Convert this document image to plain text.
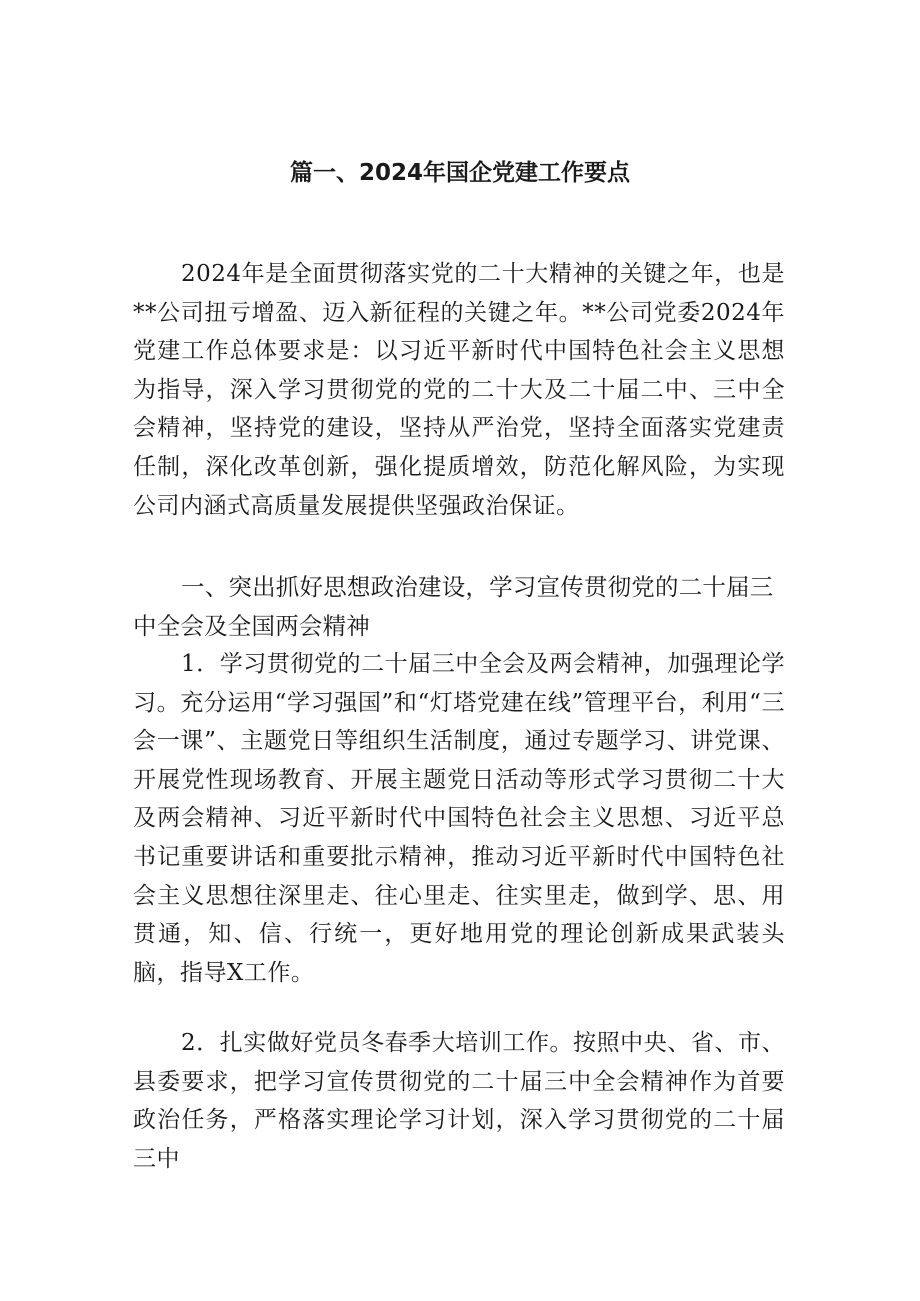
篇一、2024年国企党建工作要点

2024年是全面贯彻落实党的二十大精神的关键之年，也是**公司扭亏增盈、迈入新征程的关键之年。**公司党委2024年党建工作总体要求是：以习近平新时代中国特色社会主义思想为指导，深入学习贯彻党的党的二十大及二十届二中、三中全会精神，坚持党的建设，坚持从严治党，坚持全面落实党建责任制，深化改革创新，强化提质增效，防范化解风险，为实现公司内涵式高质量发展提供坚强政治保证。

一、突出抓好思想政治建设，学习宣传贯彻党的二十届三中全会及全国两会精神

1．学习贯彻党的二十届三中全会及两会精神，加强理论学习。充分运用“学习强国”和“灯塔党建在线”管理平台，利用“三会一课”、主题党日等组织生活制度，通过专题学习、讲党课、开展党性现场教育、开展主题党日活动等形式学习贯彻二十大及两会精神、习近平新时代中国特色社会主义思想、习近平总书记重要讲话和重要批示精神，推动习近平新时代中国特色社会主义思想往深里走、往心里走、往实里走，做到学、思、用贯通，知、信、行统一，更好地用党的理论创新成果武装头脑，指导X工作。

2．扎实做好党员冬春季大培训工作。按照中央、省、市、县委要求，把学习宣传贯彻党的二十届三中全会精神作为首要政治任务，严格落实理论学习计划，深入学习贯彻党的二十届三中
